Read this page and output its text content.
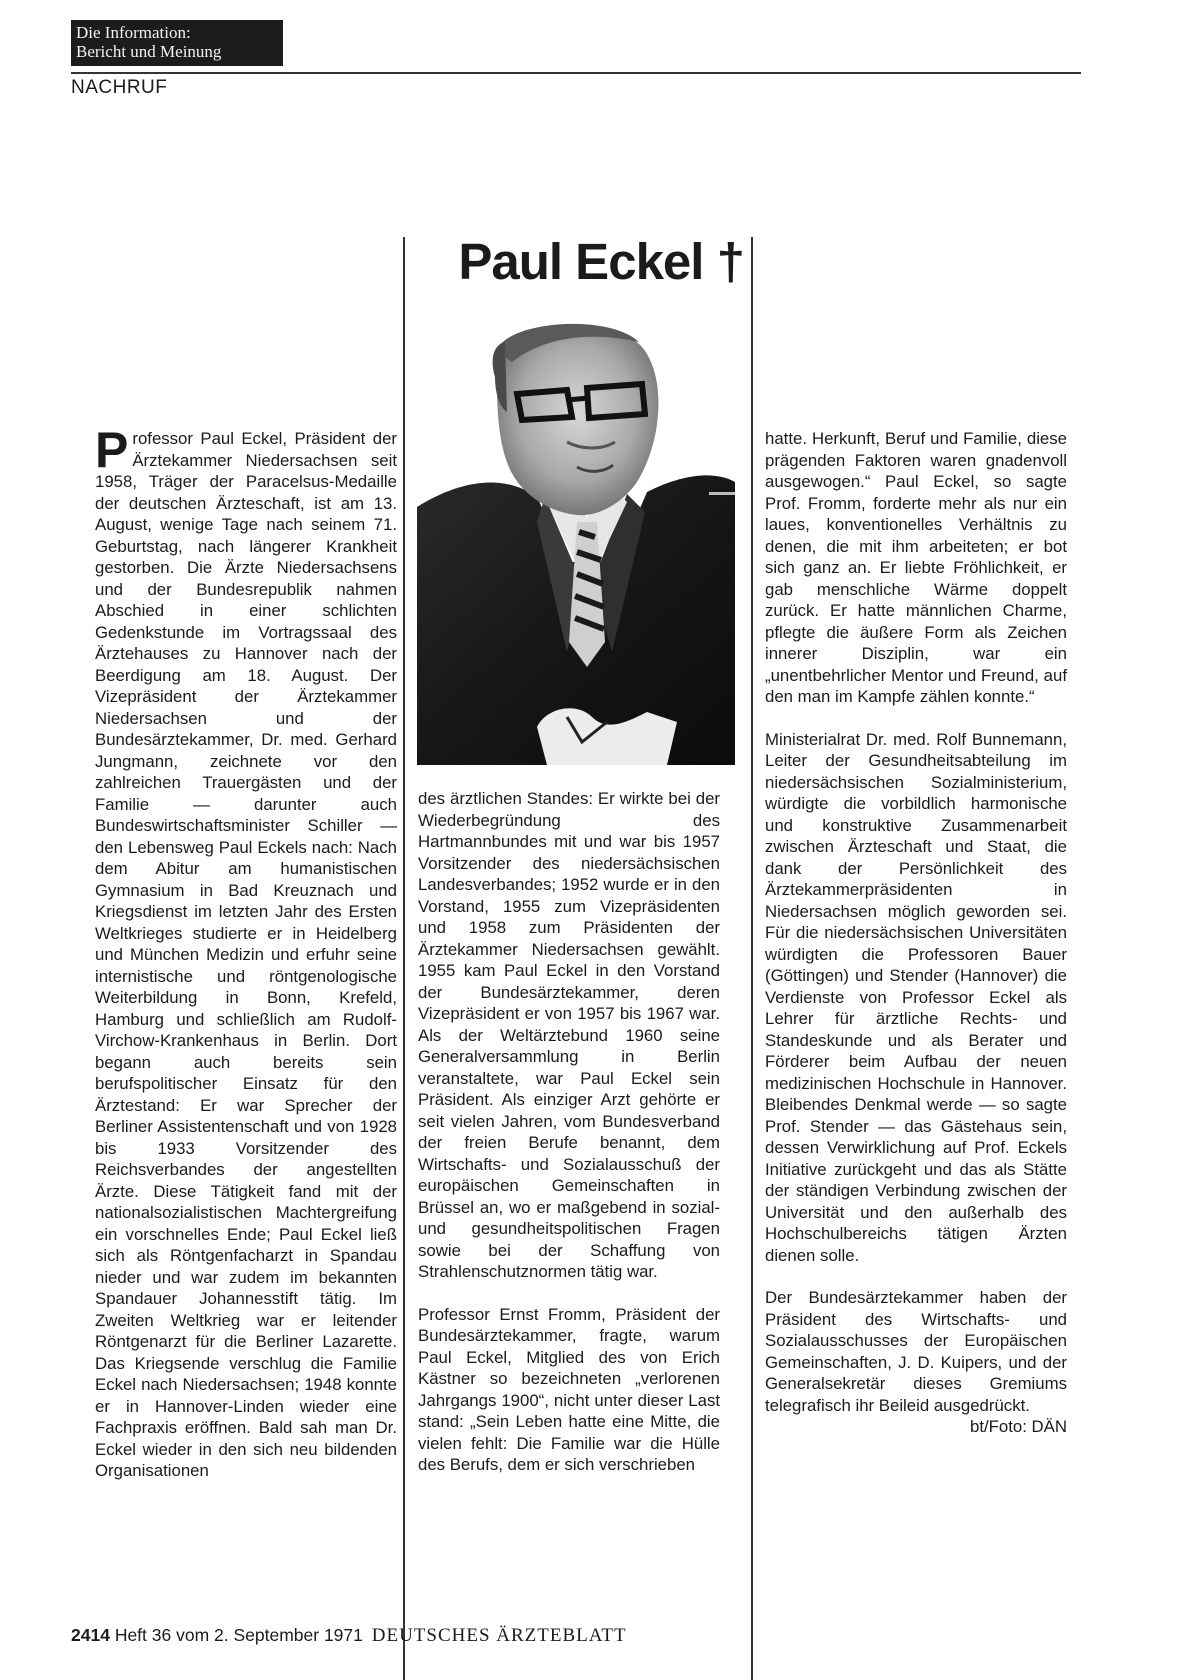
Die Information:
Bericht und Meinung
NACHRUF
Paul Eckel †

Professor Paul Eckel, Präsident der Ärztekammer Niedersachsen seit 1958, Träger der Paracelsus-Medaille der deutschen Ärzteschaft, ist am 13. August, wenige Tage nach seinem 71. Geburtstag, nach längerer Krankheit gestorben. Die Ärzte Niedersachsens und der Bundesrepublik nahmen Abschied in einer schlichten Gedenkstunde im Vortragssaal des Ärztehauses zu Hannover nach der Beerdigung am 18. August. Der Vizepräsident der Ärztekammer Niedersachsen und der Bundesärztekammer, Dr. med. Gerhard Jungmann, zeichnete vor den zahlreichen Trauergästen und der Familie — darunter auch Bundeswirtschaftsminister Schiller — den Lebensweg Paul Eckels nach: Nach dem Abitur am humanistischen Gymnasium in Bad Kreuznach und Kriegsdienst im letzten Jahr des Ersten Weltkrieges studierte er in Heidelberg und München Medizin und erfuhr seine internistische und röntgenologische Weiterbildung in Bonn, Krefeld, Hamburg und schließlich am Rudolf-Virchow-Krankenhaus in Berlin. Dort begann auch bereits sein berufspolitischer Einsatz für den Ärztestand: Er war Sprecher der Berliner Assistentenschaft und von 1928 bis 1933 Vorsitzender des Reichsverbandes der angestellten Ärzte. Diese Tätigkeit fand mit der nationalsozialistischen Machtergreifung ein vorschnelles Ende; Paul Eckel ließ sich als Röntgenfacharzt in Spandau nieder und war zudem im bekannten Spandauer Johannesstift tätig. Im Zweiten Weltkrieg war er leitender Röntgenarzt für die Berliner Lazarette. Das Kriegsende verschlug die Familie Eckel nach Niedersachsen; 1948 konnte er in Hannover-Linden wieder eine Fachpraxis eröffnen. Bald sah man Dr. Eckel wieder in den sich neu bildenden Organisationen

des ärztlichen Standes: Er wirkte bei der Wiederbegründung des Hartmannbundes mit und war bis 1957 Vorsitzender des niedersächsischen Landesverbandes; 1952 wurde er in den Vorstand, 1955 zum Vizepräsidenten und 1958 zum Präsidenten der Ärztekammer Niedersachsen gewählt. 1955 kam Paul Eckel in den Vorstand der Bundesärztekammer, deren Vizepräsident er von 1957 bis 1967 war. Als der Weltärztebund 1960 seine Generalversammlung in Berlin veranstaltete, war Paul Eckel sein Präsident. Als einziger Arzt gehörte er seit vielen Jahren, vom Bundesverband der freien Berufe benannt, dem Wirtschafts- und Sozialausschuß der europäischen Gemeinschaften in Brüssel an, wo er maßgebend in sozial- und gesundheitspolitischen Fragen sowie bei der Schaffung von Strahlenschutznormen tätig war.

Professor Ernst Fromm, Präsident der Bundesärztekammer, fragte, warum Paul Eckel, Mitglied des von Erich Kästner so bezeichneten „verlorenen Jahrgangs 1900“, nicht unter dieser Last stand: „Sein Leben hatte eine Mitte, die vielen fehlt: Die Familie war die Hülle des Berufs, dem er sich verschrieben

hatte. Herkunft, Beruf und Familie, diese prägenden Faktoren waren gnadenvoll ausgewogen.“ Paul Eckel, so sagte Prof. Fromm, forderte mehr als nur ein laues, konventionelles Verhältnis zu denen, die mit ihm arbeiteten; er bot sich ganz an. Er liebte Fröhlichkeit, er gab menschliche Wärme doppelt zurück. Er hatte männlichen Charme, pflegte die äußere Form als Zeichen innerer Disziplin, war ein „unentbehrlicher Mentor und Freund, auf den man im Kampfe zählen konnte.“

Ministerialrat Dr. med. Rolf Bunnemann, Leiter der Gesundheitsabteilung im niedersächsischen Sozialministerium, würdigte die vorbildlich harmonische und konstruktive Zusammenarbeit zwischen Ärzteschaft und Staat, die dank der Persönlichkeit des Ärztekammerpräsidenten in Niedersachsen möglich geworden sei. Für die niedersächsischen Universitäten würdigten die Professoren Bauer (Göttingen) und Stender (Hannover) die Verdienste von Professor Eckel als Lehrer für ärztliche Rechts- und Standeskunde und als Berater und Förderer beim Aufbau der neuen medizinischen Hochschule in Hannover. Bleibendes Denkmal werde — so sagte Prof. Stender — das Gästehaus sein, dessen Verwirklichung auf Prof. Eckels Initiative zurückgeht und das als Stätte der ständigen Verbindung zwischen der Universität und den außerhalb des Hochschulbereichs tätigen Ärzten dienen solle.

Der Bundesärztekammer haben der Präsident des Wirtschafts- und Sozialausschusses der Europäischen Gemeinschaften, J. D. Kuipers, und der Generalsekretär dieses Gremiums telegrafisch ihr Beileid ausgedrückt.
bt/Foto: DÄN

2414 Heft 36 vom 2. September 1971 DEUTSCHES ÄRZTEBLATT
